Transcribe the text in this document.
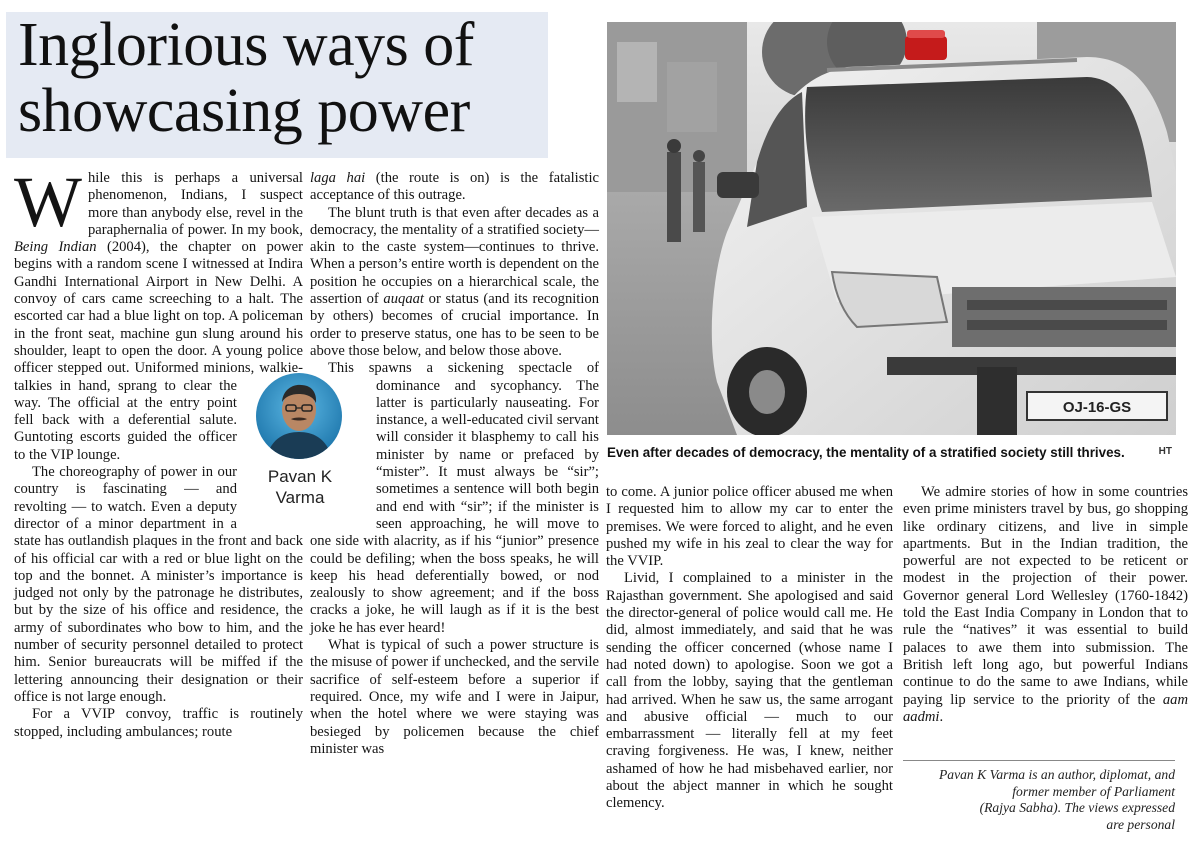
Inglorious ways of
showcasing power

While this is perhaps a universal phenomenon, Indians, I suspect more than anybody else, revel in the paraphernalia of power. In my book, Being Indian (2004), the chapter on power begins with a random scene I witnessed at Indira Gandhi International Airport in New Delhi. A convoy of cars came screeching to a halt. The escorted car had a blue light on top. A policeman in the front seat, machine gun slung around his shoulder, leapt to open the door. A young police officer stepped out. Uniformed minions, walkie-talkies
in hand, sprang to clear the way. The official at the entry point fell back with a deferential salute. Guntoting escorts guided the officer to the VIP lounge.

The choreography of power in our country is fascinating — and revolting — to watch. Even a deputy director of a minor department in a state has outlandish plaques in the front and back of his official car with a red or blue light on the top and the bonnet. A minister’s importance is judged not only by the patronage he distributes, but by the size of his office and residence, the army of subordinates who bow to him, and the number of security personnel detailed to protect him. Senior bureaucrats will be miffed if the lettering announcing their designation or their office is not large enough.

For a VVIP convoy, traffic is routinely stopped, including ambulances; route

laga hai (the route is on) is the fatalistic acceptance of this outrage.

The blunt truth is that even after decades as a democracy, the mentality of a stratified society—akin to the caste system—continues to thrive. When a person’s entire worth is dependent on the position he occupies on a hierarchical scale, the assertion of auqaat or status (and its recognition by others) becomes of crucial importance. In order to preserve status, one has to be seen to be above those below, and below those above.

This spawns a sickening spectacle of dominance
and sycophancy. The latter is particularly nauseating. For instance, a well-educated civil servant will consider it blasphemy to call his minister by name or prefaced by “mister”. It must always be “sir”; sometimes a sentence will both begin and end with “sir”; if the minister is seen approaching, he will move to one side with alacrity, as if his “junior” presence could be defiling; when the boss speaks, he will keep his head deferentially bowed, or nod zealously to show agreement; and if the boss cracks a joke, he will laugh as if it is the best joke he has ever heard!

What is typical of such a power structure is the misuse of power if unchecked, and the servile sacrifice of self-esteem before a superior if required. Once, my wife and I were in Jaipur, when the hotel where we were staying was besieged by policemen because the chief minister was

Pavan K
Varma
OJ-16-GS
Even after decades of democracy, the mentality of a stratified society still thrives.	HT

to come. A junior police officer abused me when I requested him to allow my car to enter the premises. We were forced to alight, and he even pushed my wife in his zeal to clear the way for the VVIP.

Livid, I complained to a minister in the Rajasthan government. She apologised and said the director-general of police would call me. He did, almost immediately, and said that he was sending the officer concerned (whose name I had noted down) to apologise. Soon we got a call from the lobby, saying that the gentleman had arrived. When he saw us, the same arrogant and abusive official — much to our embarrassment — literally fell at my feet craving forgiveness. He was, I knew, neither ashamed of how he had misbehaved earlier, nor about the abject manner in which he sought clemency.

We admire stories of how in some countries even prime ministers travel by bus, go shopping like ordinary citizens, and live in simple apartments. But in the Indian tradition, the powerful are not expected to be reticent or modest in the projection of their power. Governor general Lord Wellesley (1760-1842) told the East India Company in London that to rule the “natives” it was essential to build palaces to awe them into submission. The British left long ago, but powerful Indians continue to do the same to awe Indians, while paying lip service to the priority of the aam aadmi.

Pavan K Varma is an author, diplomat, and
former member of Parliament
(Rajya Sabha). The views expressed
are personal
